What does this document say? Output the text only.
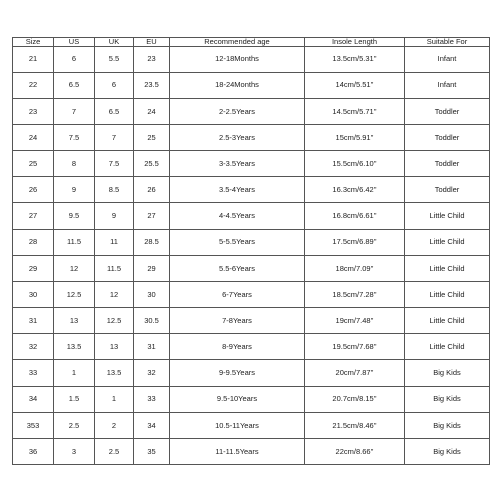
Size	US	UK	EU	Recommended age	Insole Length	Suitable For
21	6	5.5	23	12-18Months	13.5cm/5.31''	Infant
22	6.5	6	23.5	18-24Months	14cm/5.51''	Infant
23	7	6.5	24	2-2.5Years	14.5cm/5.71''	Toddler
24	7.5	7	25	2.5-3Years	15cm/5.91''	Toddler
25	8	7.5	25.5	3-3.5Years	15.5cm/6.10''	Toddler
26	9	8.5	26	3.5-4Years	16.3cm/6.42''	Toddler
27	9.5	9	27	4-4.5Years	16.8cm/6.61''	Little Child
28	11.5	11	28.5	5-5.5Years	17.5cm/6.89''	Little Child
29	12	11.5	29	5.5-6Years	18cm/7.09''	Little Child
30	12.5	12	30	6-7Years	18.5cm/7.28''	Little Child
31	13	12.5	30.5	7-8Years	19cm/7.48''	Little Child
32	13.5	13	31	8-9Years	19.5cm/7.68''	Little Child
33	1	13.5	32	9-9.5Years	20cm/7.87''	Big Kids
34	1.5	1	33	9.5-10Years	20.7cm/8.15''	Big Kids
353	2.5	2	34	10.5-11Years	21.5cm/8.46''	Big Kids
36	3	2.5	35	11-11.5Years	22cm/8.66''	Big Kids
